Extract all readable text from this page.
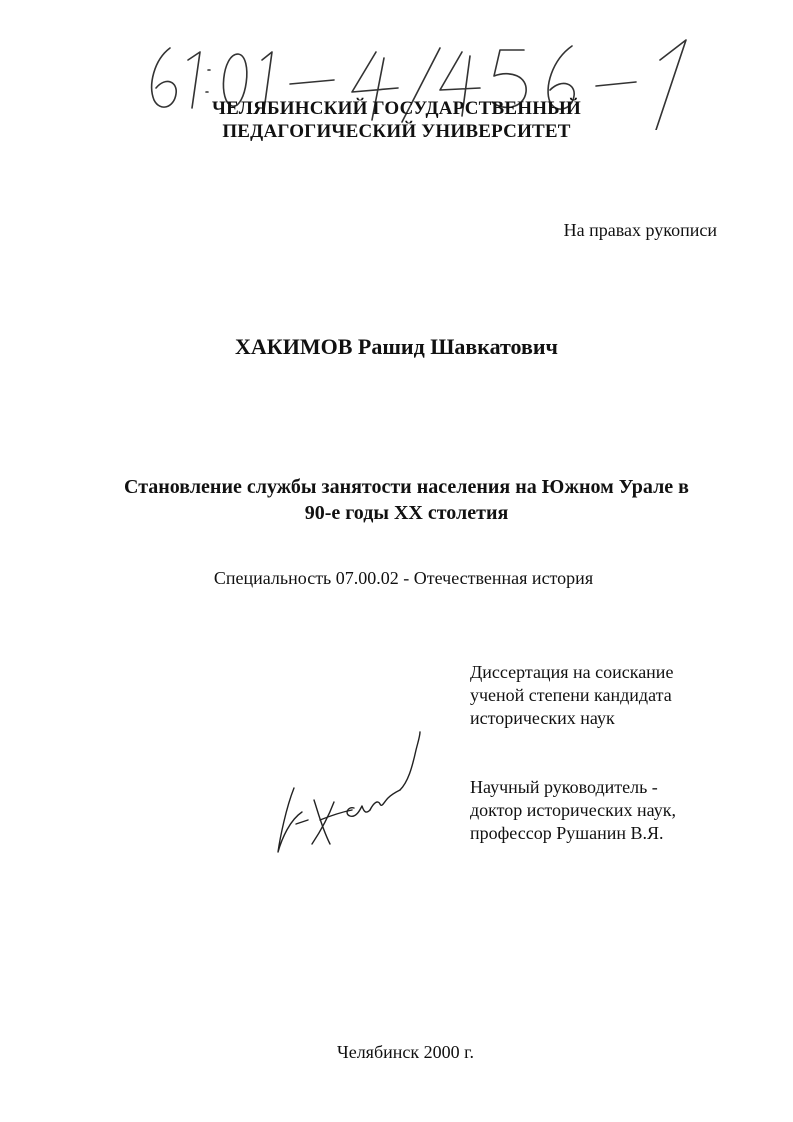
ЧЕЛЯБИНСКИЙ ГОСУДАРСТВЕННЫЙ
ПЕДАГОГИЧЕСКИЙ УНИВЕРСИТЕТ
На правах рукописи
ХАКИМОВ Рашид Шавкатович
Становление службы занятости населения на Южном Урале в
90-е годы XX столетия
Специальность 07.00.02 - Отечественная история
Диссертация на соискание
ученой степени кандидата
исторических наук
Научный руководитель -
доктор исторических наук,
профессор Рушанин В.Я.
Челябинск 2000 г.
